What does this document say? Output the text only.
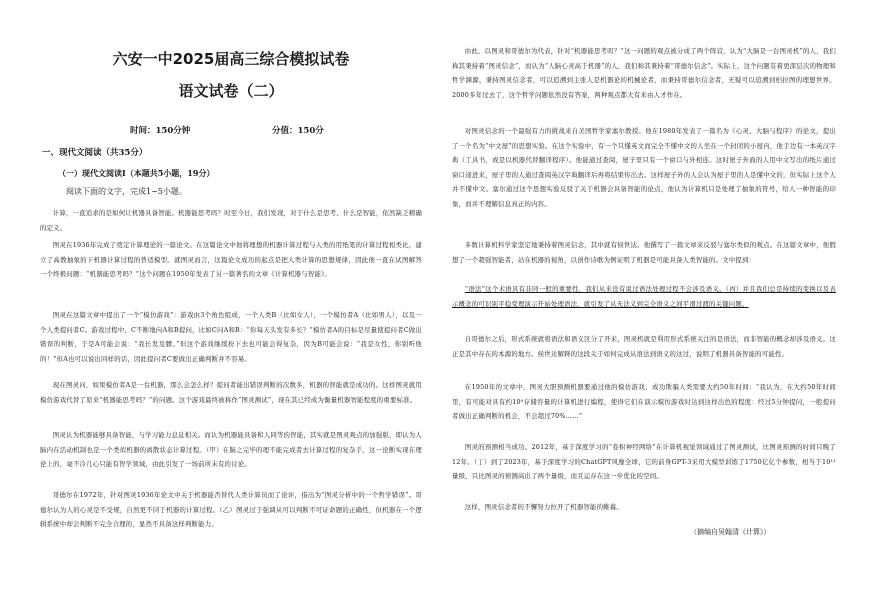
六安一中2025届高三综合模拟试卷
语文试卷（二）
时间：150分钟	分值：150分
一、现代文阅读（共35分）
（一）现代文阅读Ⅰ（本题共5小题，19分）
阅读下面的文字，完成1~5小题。

计算，一直追求的是如何让机器具备智能。机器能思考吗？时至今日，我们发现，对于什么是思考、什么是智能，依然缺乏精确的定义。

图灵在1936年完成了奠定计算理论的一篇论文。在这篇论文中他将理想的机器计算过程与人类的用纸笔的计算过程相类比，建立了高教抽象的下机器计算过程的普适模型。就图灵而言，这篇论文成功的起点是把人类计算的思想规律，因此他一直在试图解答一个终极问题：“机器能思考吗？”这个问题在1950年发表了另一篇著名的文章《计算机器与智能》。

图灵在这篇文章中提出了一个“模仿游戏”：游戏由3个角色组成，一个人类B（比如女人），一个模仿者A（比如男人），以及一个人类提问者C。游戏过程中，C不断地向A和B提问，比如C问A和B：“你每天头发有多长？”模仿者A的目标是尽量使提问者C做出错误的判断，于是A可能会说：“我长发及腰。”但这个游戏继续扮下去也可能会得复杂，因为B可能会说：“我是女性，你别听他的！”但A也可以说出同样的话，因此提问者C要做出正确判断并不容易。

现在图灵问，如果模仿者A是一台机器，那么会怎么样？提问者能出错误判断的次数多，机器的智能就是成功的。这样图灵就用模仿游戏代替了原来“机器能思考吗？”的问题。这个游戏最终被称作“图灵测试”，现在其已经成为衡量机器智能程度的重要标准。

图灵认为机器能够具备智能，与学习能力息息相关。而认为机器能具备和人同等的智能，其实就是图灵观点的加强版，即认为人脑内在活动机制也是一个类似机器的离散状态计算过程。（甲）在脑之完毕的理不能完成者去计算过程的复杂手，这一论断实现在理论上的，毫不冷几心只能有智学领域，由此引发了一场前所未有的讨论。

哥德尔在1972年，针对图灵1936年论文中关于机器能否替代人类计算员而了论评，指出为“图灵分析中的一个哲学错误”。哥德尔认为人的心灵是不受规，自然更不同于机器的计算过程。（乙）图灵过于强调从可以判断不可证命题的正确性，但机器在一个逻辑系统中却会判断不完全合理的，显然不具备这样判断能力。

由此，以图灵和哥德尔为代表，针对“机器能思考吗？”这一问题的观点被分成了两个阵营，认为“大脑是一台图灵机”的人，我们称其秉持着“图灵信念”，而认为“人脑心灵高于机器”的人，我们称其秉持着“哥德尔信念”。实际上，这个问题有着更深层次的物理和哲学渊源，秉持图灵信念者，可以追溯到主张人是机器论的机械论者，而秉持哥德尔信念者，无疑可以追溯到柏拉图的理想世界。2000多年过去了，这个哲学问题依然没有答案，两种观点都大有来由人才作在。

对图灵信念的一个最强有力的挑战来自美国哲学家塞尔教授。他在1980年发表了一篇名为《心灵、大脑与程序》的论文，提出了一个名为“中文屋”的思想实验。在这个实验中，有一个只懂英文而完全不懂中文的人坐在一个封闭的小屋内，他手边有一本英汉字典（工具书，或是以机器代替翻译程序）。他能通过查阅，屋子里只有一个窗口与外相连。这时屋子外面的人用中文写出的纸片通过窗口递进来，屋子里的人通过查阅英汉字典翻译后再将结果传出去。这样屋子外的人会认为屋子里的人是懂中文的，但实际上这个人并不懂中文。塞尔通过这个思想实验反驳了关于机器会具备智能的论点，他认为计算机只是处理了抽象的符号，给人一种智能的印象，而并不理解信息真正的内容。

多数计算机科学家坚定地秉持着图灵信念，其中就有侯世达。他撰写了一篇文章来反驳与塞尔类似的观点。在这篇文章中，他假想了一个超强智能者，站在机器的视角，以创作诗歌为例证明了机器是可能具备人类智能的。文中提到：

“语法”这个术语具有非同一般的重要性，我们从来没有说过语法处理过程不会涉及语义。（丙）并且我们总是持续的变换以及表示概念的可识别平稳变理演示开始处理语法，就引发了从无法义到完全语义之间平滑过渡的关键问题。

自哥德尔之后，形式系统就将语法和语义区分了开来，图灵机就是利用形式系统关注的是语法，而非智能的概念却涉及语义。这正是其中存在的本源的地方。侯世达解释的这段关于如何完成从语法到语义的这过，说明了机器具备智能的可能性。

在1950年的文章中，图灵大胆预测机器要通过他的模仿游戏，成功欺骗人类需要大约50年时间：“我认为，在大约50年时间里，有可能对具有约10⁹存储容量的计算机进行编程，使得它们在演示模仿游戏时达到这样出色的程度：经过5分钟提问，一般提问者做出正确判断的机会，不会超过70%……”

图灵的预测相当成功。2012年，基于深度学习的“卷积神经网络”在计算机视觉领域通过了图灵测试，比图灵预测的时间只晚了12年。（丁）到了2023年，基于深度学习的ChatGPT风靡全球，它的前身GPT-3采用大模型训练了1750亿亿个参数，相当于10¹¹量级，只比图灵的预测高出了两个量级，而且运存在这一步优化的空间。

这样，图灵信念者的不懈努力拉开了机器智能的帷幕。

（摘编自吴翰清《计算》）
